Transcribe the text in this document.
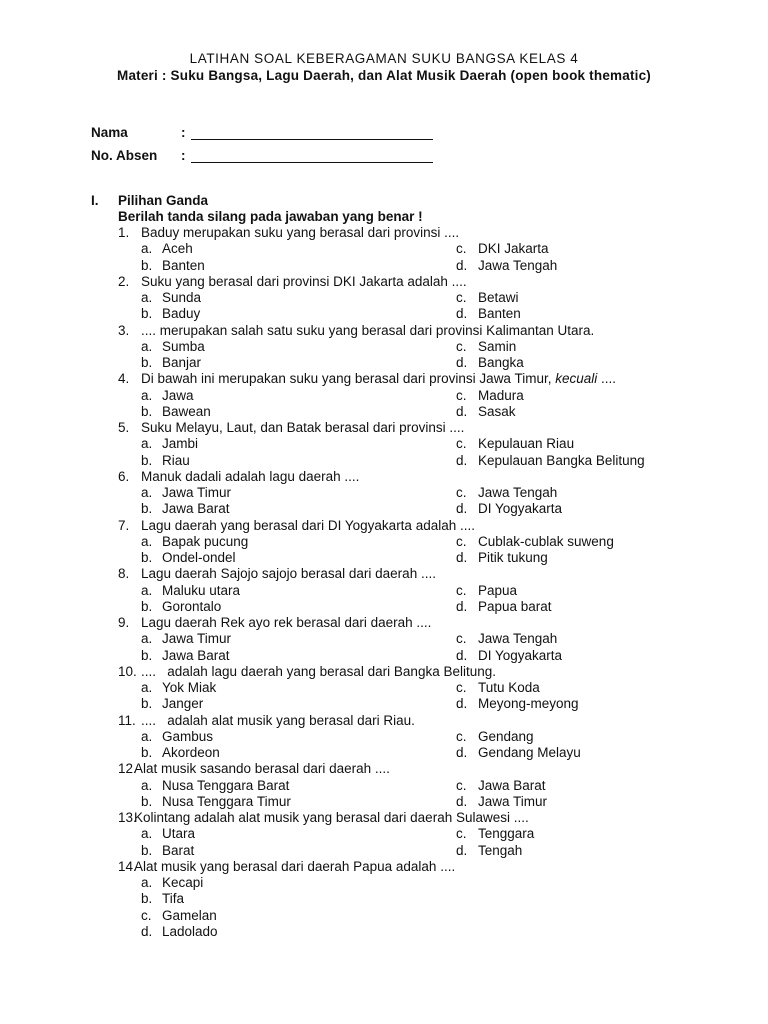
LATIHAN SOAL KEBERAGAMAN SUKU BANGSA KELAS 4
Materi : Suku Bangsa, Lagu Daerah, dan Alat Musik Daerah (open book thematic)
Nama	:
No. Absen	:
I. Pilihan Ganda
Berilah tanda silang pada jawaban yang benar !
1. Baduy merupakan suku yang berasal dari provinsi ....
a. Aceh	c. DKI Jakarta
b. Banten	d. Jawa Tengah
2. Suku yang berasal dari provinsi DKI Jakarta adalah ....
a. Sunda	c. Betawi
b. Baduy	d. Banten
3. .... merupakan salah satu suku yang berasal dari provinsi Kalimantan Utara.
a. Sumba	c. Samin
b. Banjar	d. Bangka
4. Di bawah ini merupakan suku yang berasal dari provinsi Jawa Timur, kecuali ....
a. Jawa	c. Madura
b. Bawean	d. Sasak
5. Suku Melayu, Laut, dan Batak berasal dari provinsi ....
a. Jambi	c. Kepulauan Riau
b. Riau	d. Kepulauan Bangka Belitung
6. Manuk dadali adalah lagu daerah ....
a. Jawa Timur	c. Jawa Tengah
b. Jawa Barat	d. DI Yogyakarta
7. Lagu daerah yang berasal dari DI Yogyakarta adalah ....
a. Bapak pucung	c. Cublak-cublak suweng
b. Ondel-ondel	d. Pitik tukung
8. Lagu daerah Sajojo sajojo berasal dari daerah ....
a. Maluku utara	c. Papua
b. Gorontalo	d. Papua barat
9. Lagu daerah Rek ayo rek berasal dari daerah ....
a. Jawa Timur	c. Jawa Tengah
b. Jawa Barat	d. DI Yogyakarta
10. ....   adalah lagu daerah yang berasal dari Bangka Belitung.
a. Yok Miak	c. Tutu Koda
b. Janger	d. Meyong-meyong
11. ....   adalah alat musik yang berasal dari Riau.
a. Gambus	c. Gendang
b. Akordeon	d. Gendang Melayu
12.
Alat musik sasando berasal dari daerah ....
a. Nusa Tenggara Barat	c. Jawa Barat
b. Nusa Tenggara Timur	d. Jawa Timur
13.
Kolintang adalah alat musik yang berasal dari daerah Sulawesi ....
a. Utara	c. Tenggara
b. Barat	d. Tengah
14.
Alat musik yang berasal dari daerah Papua adalah ....
a. Kecapi
b. Tifa
c. Gamelan
d. Ladolado
